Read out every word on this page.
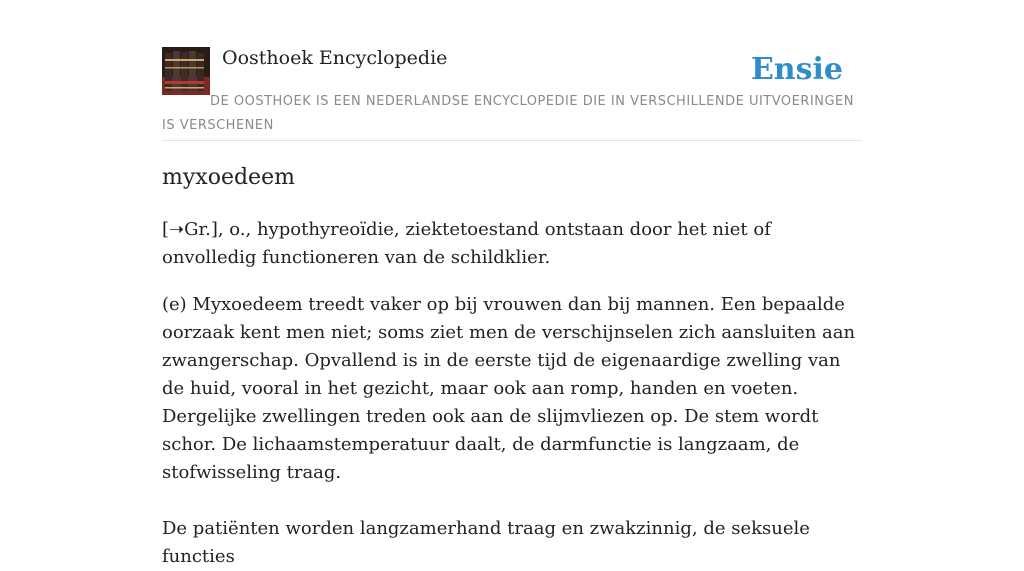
Oosthoek Encyclopedie	Ensie
DE OOSTHOEK IS EEN NEDERLANDSE ENCYCLOPEDIE DIE IN VERSCHILLENDE UITVOERINGEN IS VERSCHENEN
myxoedeem

[➝Gr.], o., hypothyreoïdie, ziektetoestand ontstaan door het niet of onvolledig functioneren van de schildklier.

(e) Myxoedeem treedt vaker op bij vrouwen dan bij mannen. Een bepaalde oorzaak kent men niet; soms ziet men de verschijnselen zich aansluiten aan zwangerschap. Opvallend is in de eerste tijd de eigenaardige zwelling van de huid, vooral in het gezicht, maar ook aan romp, handen en voeten. Dergelijke zwellingen treden ook aan de slijmvliezen op. De stem wordt schor. De lichaamstemperatuur daalt, de darmfunctie is langzaam, de stofwisseling traag.

De patiënten worden langzamerhand traag en zwakzinnig, de seksuele functies
